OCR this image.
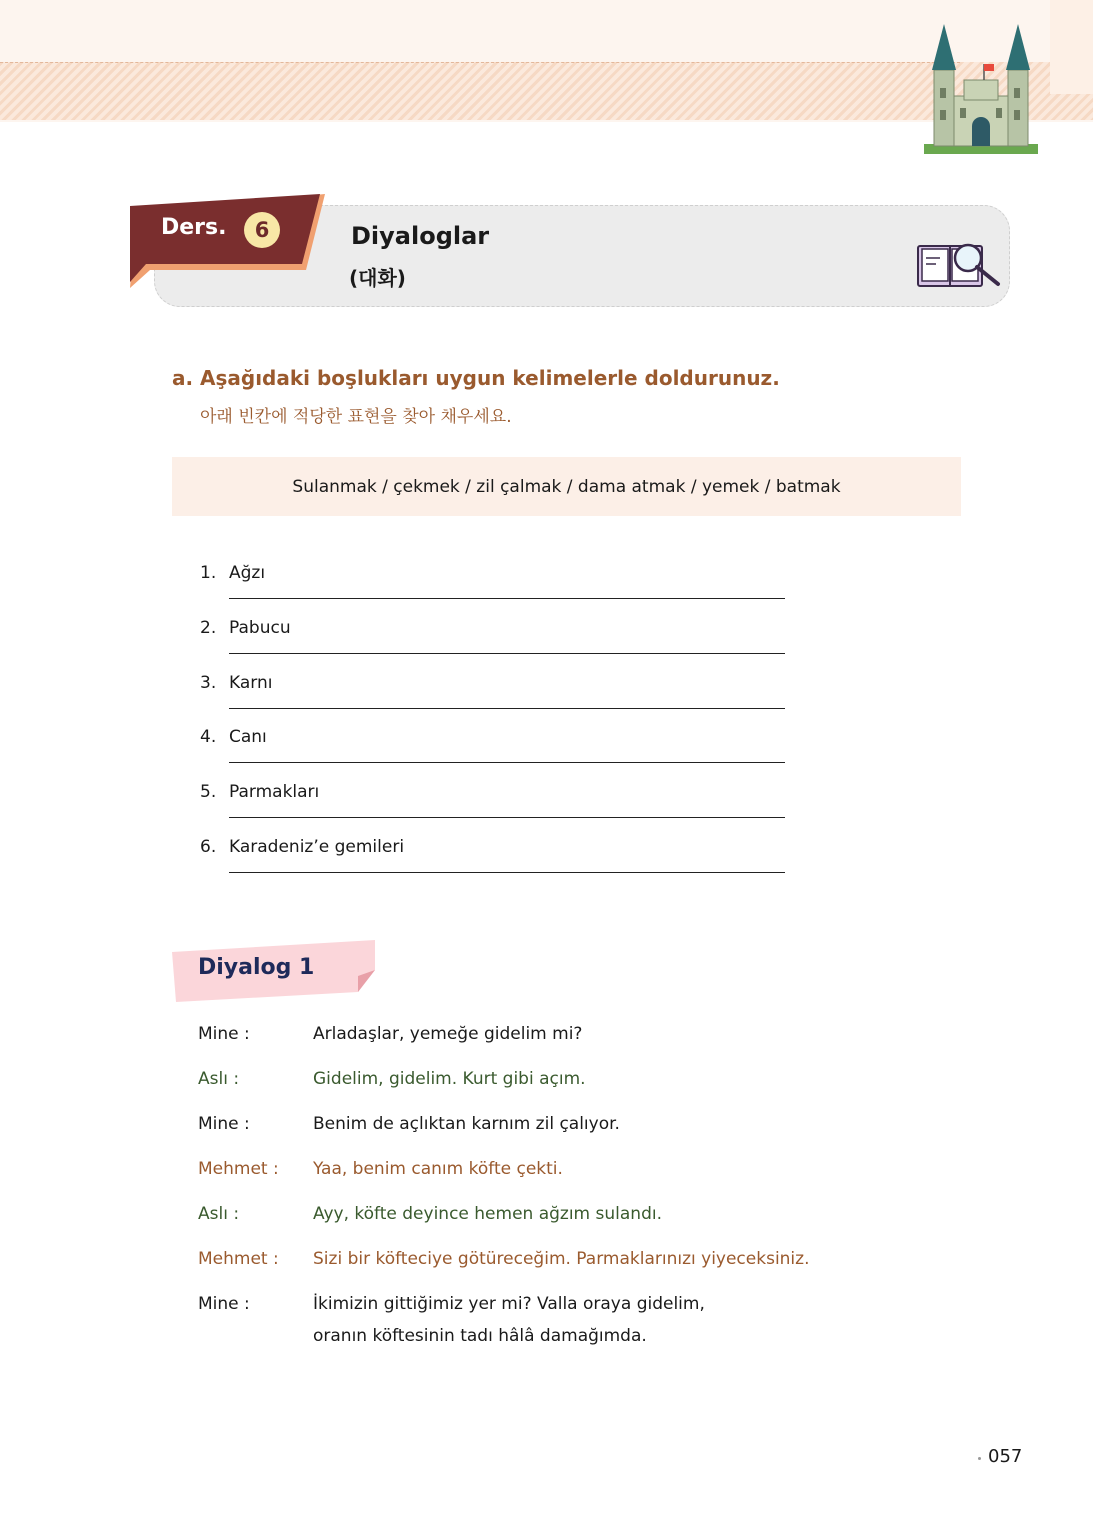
Ders.	6	Diyaloglar
(대화)
a. Aşağıdaki boşlukları uygun kelimelerle doldurunuz.
아래 빈칸에 적당한 표현을 찾아 채우세요.
Sulanmak / çekmek / zil çalmak / dama atmak / yemek / batmak
1. Ağzı
2. Pabucu
3. Karnı
4. Canı
5. Parmakları
6. Karadeniz’e gemileri
Diyalog 1
Mine :	Arladaşlar, yemeğe gidelim mi?
Aslı :	Gidelim, gidelim. Kurt gibi açım.
Mine :	Benim de açlıktan karnım zil çalıyor.
Mehmet : Yaa, benim canım köfte çekti.
Aslı :	Ayy, köfte deyince hemen ağzım sulandı.
Mehmet : Sizi bir köfteciye götüreceğim. Parmaklarınızı yiyeceksiniz.
Mine :	İkimizin gittiğimiz yer mi? Valla oraya gidelim,
oranın köftesinin tadı hâlâ damağımda.
057
